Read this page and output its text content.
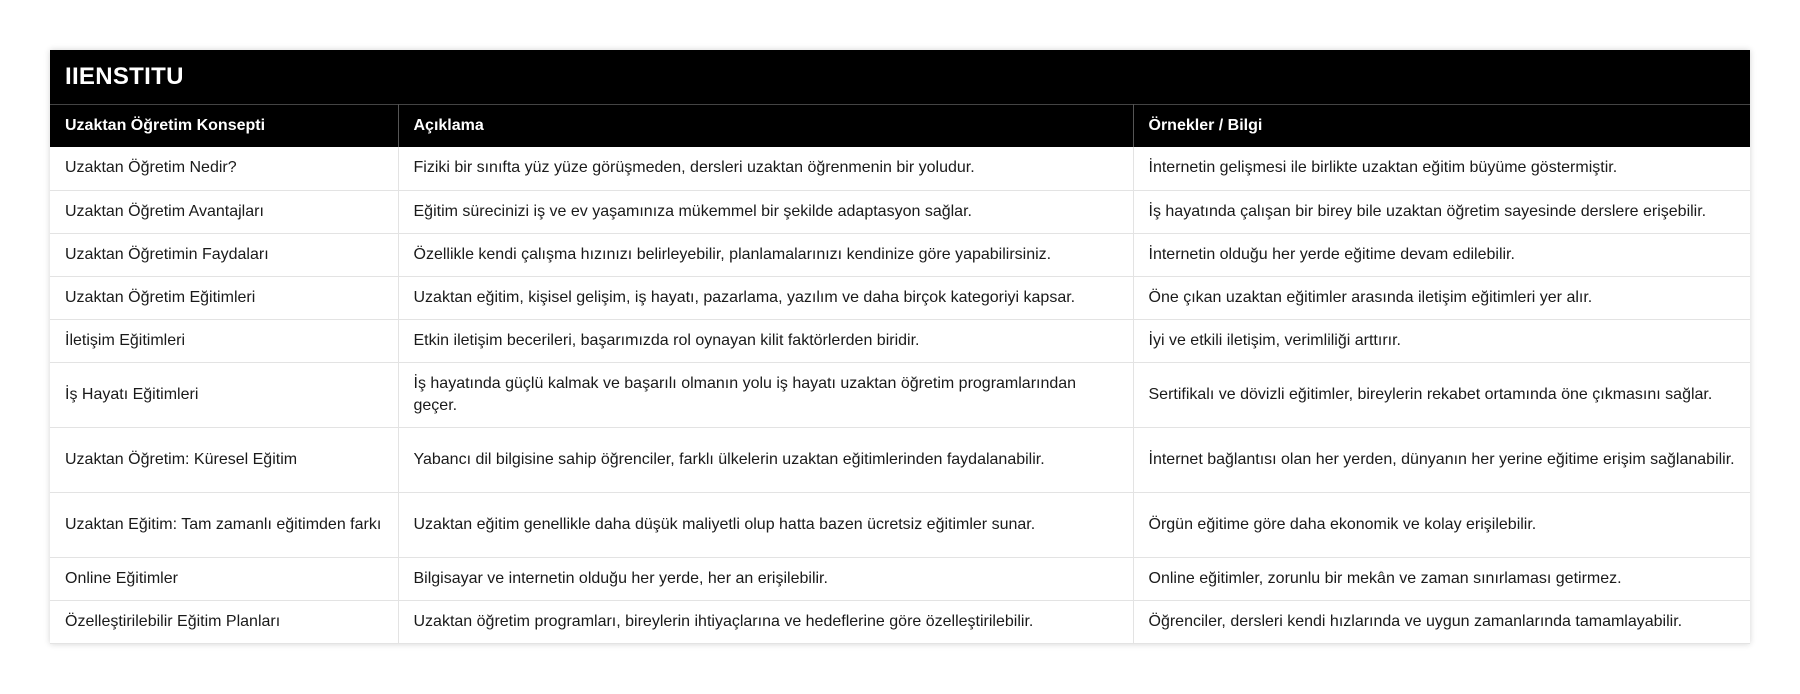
IIENSTITU
Uzaktan Öğretim Konsepti	Açıklama	Örnekler / Bilgi
Uzaktan Öğretim Nedir?	Fiziki bir sınıfta yüz yüze görüşmeden, dersleri uzaktan öğrenmenin bir yoludur.	İnternetin gelişmesi ile birlikte uzaktan eğitim büyüme göstermiştir.
Uzaktan Öğretim Avantajları	Eğitim sürecinizi iş ve ev yaşamınıza mükemmel bir şekilde adaptasyon sağlar.	İş hayatında çalışan bir birey bile uzaktan öğretim sayesinde derslere erişebilir.
Uzaktan Öğretimin Faydaları	Özellikle kendi çalışma hızınızı belirleyebilir, planlamalarınızı kendinize göre yapabilirsiniz.	İnternetin olduğu her yerde eğitime devam edilebilir.
Uzaktan Öğretim Eğitimleri	Uzaktan eğitim, kişisel gelişim, iş hayatı, pazarlama, yazılım ve daha birçok kategoriyi kapsar.	Öne çıkan uzaktan eğitimler arasında iletişim eğitimleri yer alır.
İletişim Eğitimleri	Etkin iletişim becerileri, başarımızda rol oynayan kilit faktörlerden biridir.	İyi ve etkili iletişim, verimliliği arttırır.
İş Hayatı Eğitimleri	İş hayatında güçlü kalmak ve başarılı olmanın yolu iş hayatı uzaktan öğretim programlarından geçer.	Sertifikalı ve dövizli eğitimler, bireylerin rekabet ortamında öne çıkmasını sağlar.
Uzaktan Öğretim: Küresel Eğitim	Yabancı dil bilgisine sahip öğrenciler, farklı ülkelerin uzaktan eğitimlerinden faydalanabilir.	İnternet bağlantısı olan her yerden, dünyanın her yerine eğitime erişim sağlanabilir.
Uzaktan Eğitim: Tam zamanlı eğitimden farkı	Uzaktan eğitim genellikle daha düşük maliyetli olup hatta bazen ücretsiz eğitimler sunar.	Örgün eğitime göre daha ekonomik ve kolay erişilebilir.
Online Eğitimler	Bilgisayar ve internetin olduğu her yerde, her an erişilebilir.	Online eğitimler, zorunlu bir mekân ve zaman sınırlaması getirmez.
Özelleştirilebilir Eğitim Planları	Uzaktan öğretim programları, bireylerin ihtiyaçlarına ve hedeflerine göre özelleştirilebilir.	Öğrenciler, dersleri kendi hızlarında ve uygun zamanlarında tamamlayabilir.
